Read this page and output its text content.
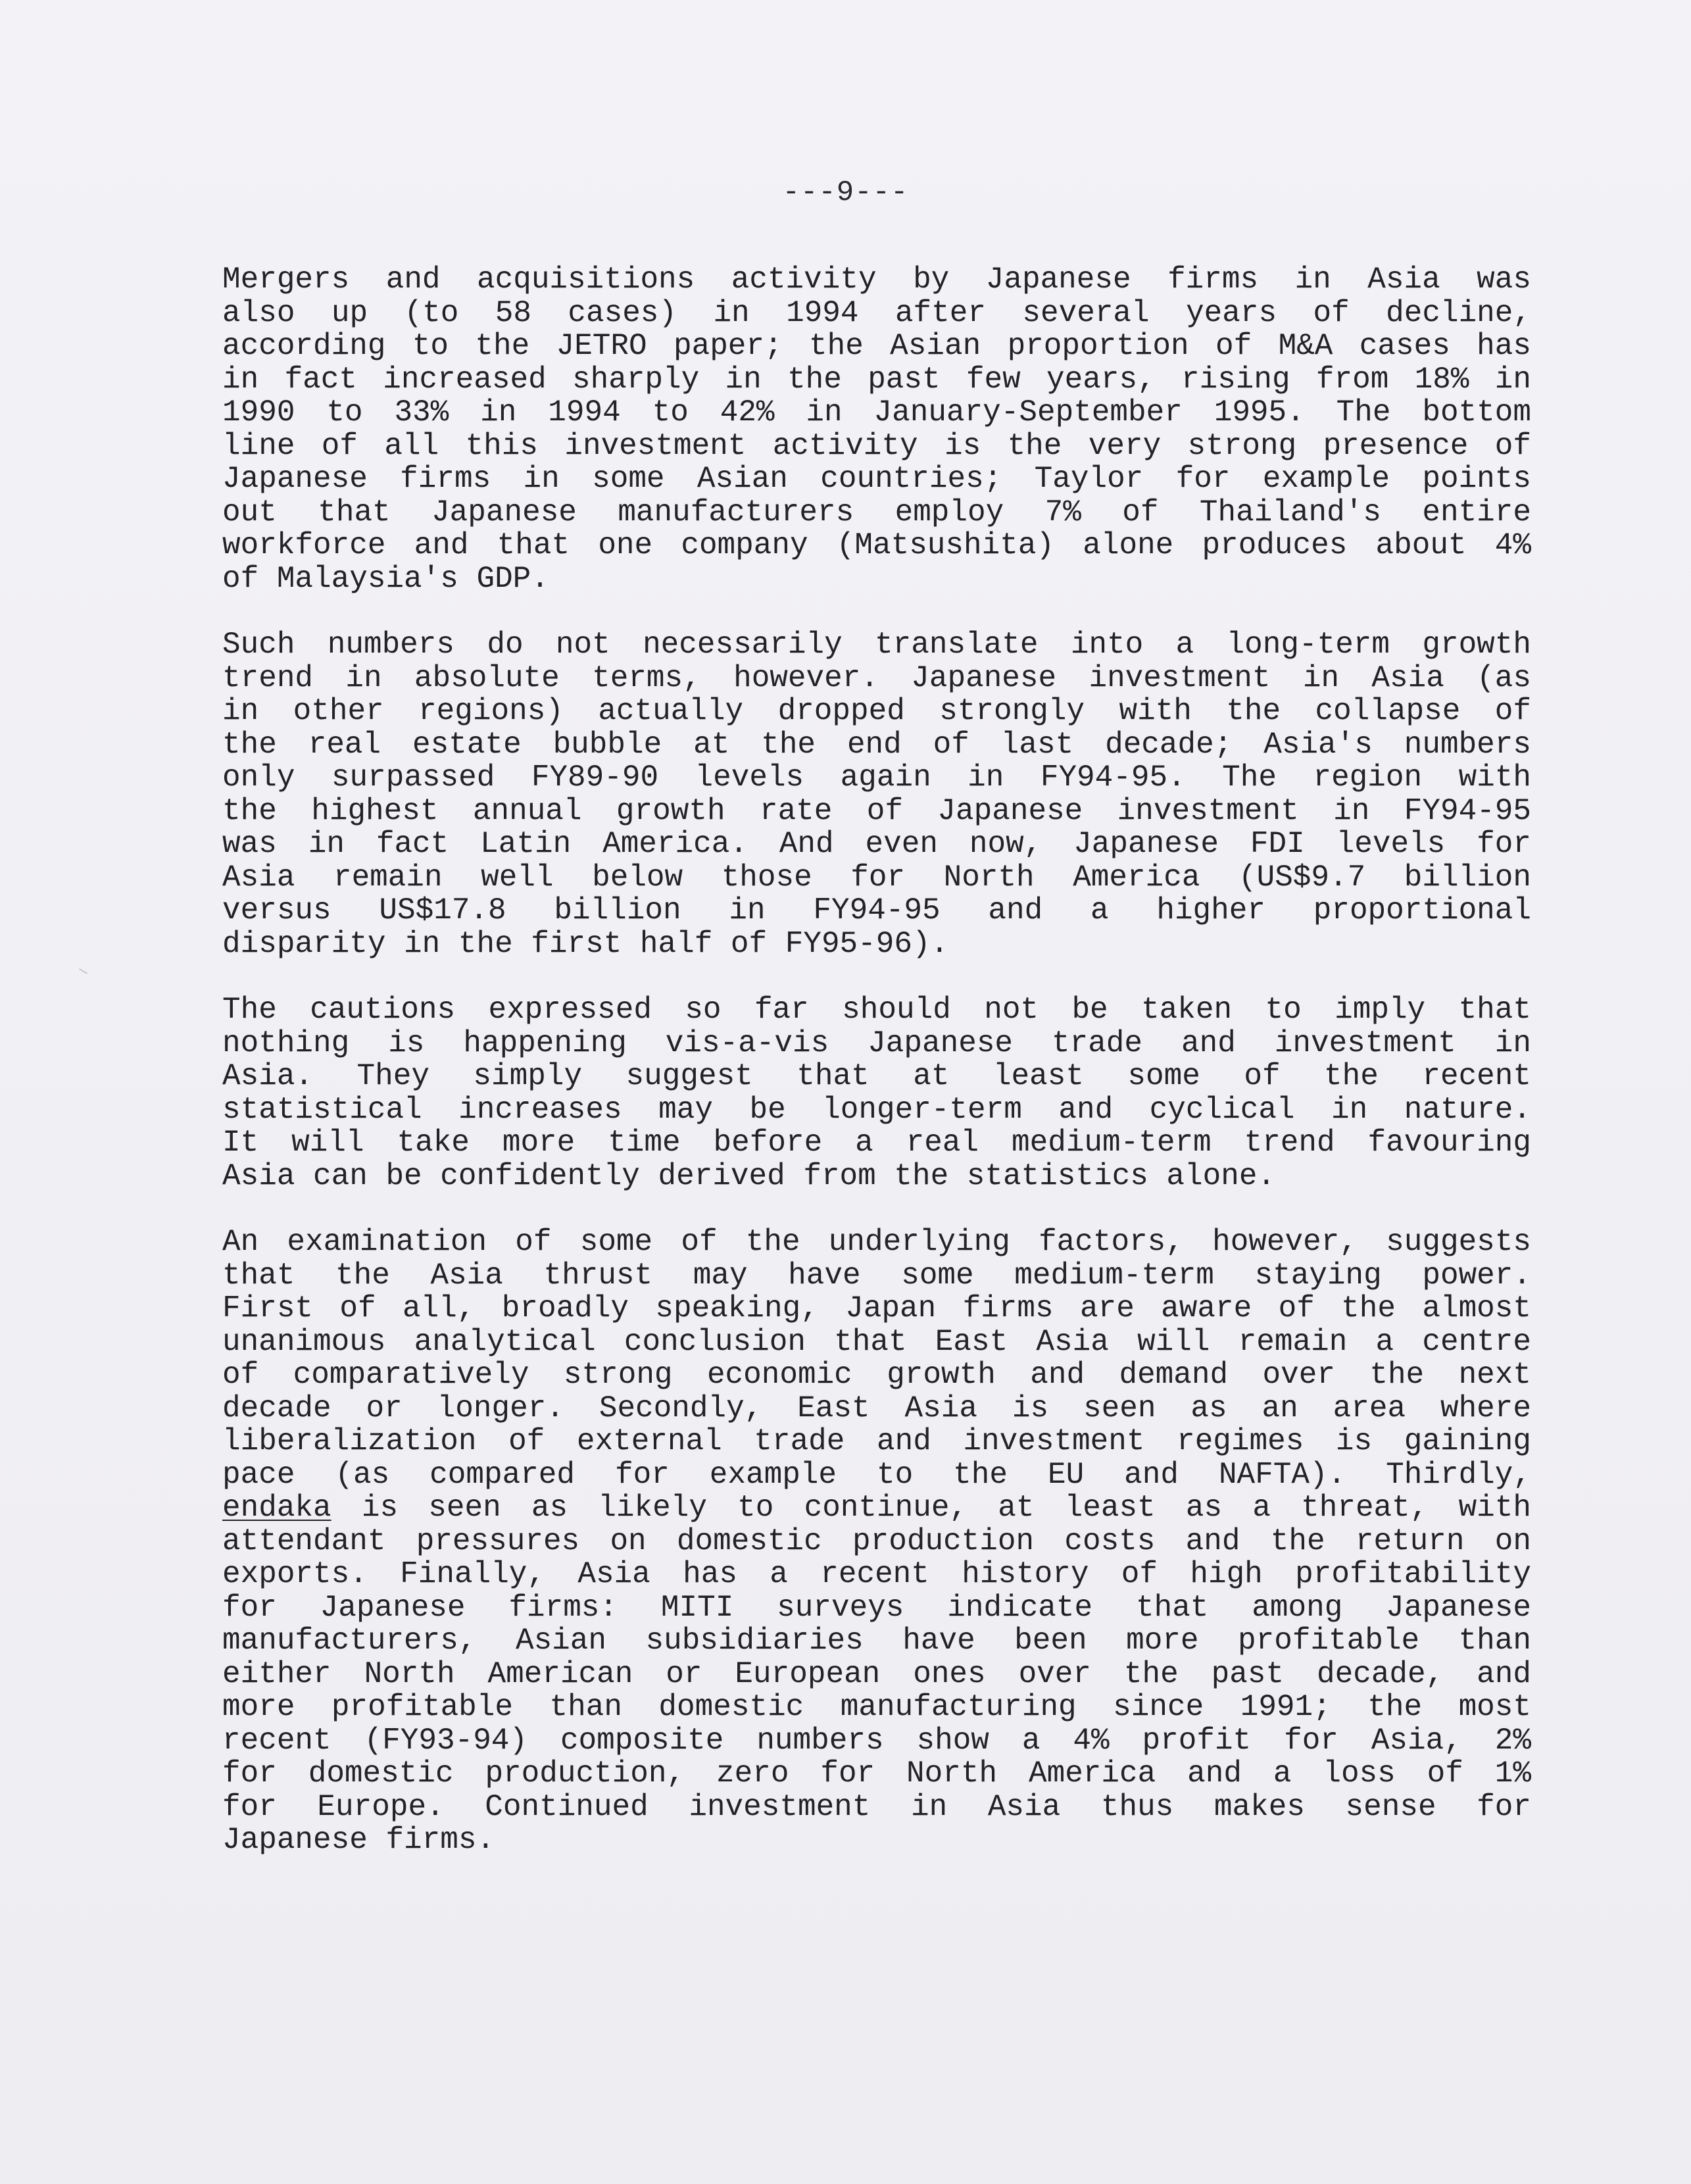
---9---
Mergers and acquisitions activity by Japanese firms in Asia was
also up (to 58 cases) in 1994 after several years of decline,
according to the JETRO paper; the Asian proportion of M&A cases has
in fact increased sharply in the past few years, rising from 18% in
1990 to 33% in 1994 to 42% in January-September 1995. The bottom
line of all this investment activity is the very strong presence of
Japanese firms in some Asian countries; Taylor for example points
out that Japanese manufacturers employ 7% of Thailand's entire
workforce and that one company (Matsushita) alone produces about 4%
of Malaysia's GDP.
Such numbers do not necessarily translate into a long-term growth
trend in absolute terms, however. Japanese investment in Asia (as
in other regions) actually dropped strongly with the collapse of
the real estate bubble at the end of last decade; Asia's numbers
only surpassed FY89-90 levels again in FY94-95. The region with
the highest annual growth rate of Japanese investment in FY94-95
was in fact Latin America. And even now, Japanese FDI levels for
Asia remain well below those for North America (US$9.7 billion
versus US$17.8 billion in FY94-95 and a higher proportional
disparity in the first half of FY95-96).
The cautions expressed so far should not be taken to imply that
nothing is happening vis-a-vis Japanese trade and investment in
Asia. They simply suggest that at least some of the recent
statistical increases may be longer-term and cyclical in nature.
It will take more time before a real medium-term trend favouring
Asia can be confidently derived from the statistics alone.
An examination of some of the underlying factors, however, suggests
that the Asia thrust may have some medium-term staying power.
First of all, broadly speaking, Japan firms are aware of the almost
unanimous analytical conclusion that East Asia will remain a centre
of comparatively strong economic growth and demand over the next
decade or longer. Secondly, East Asia is seen as an area where
liberalization of external trade and investment regimes is gaining
pace (as compared for example to the EU and NAFTA). Thirdly,
endaka is seen as likely to continue, at least as a threat, with
attendant pressures on domestic production costs and the return on
exports. Finally, Asia has a recent history of high profitability
for Japanese firms: MITI surveys indicate that among Japanese
manufacturers, Asian subsidiaries have been more profitable than
either North American or European ones over the past decade, and
more profitable than domestic manufacturing since 1991; the most
recent (FY93-94) composite numbers show a 4% profit for Asia, 2%
for domestic production, zero for North America and a loss of 1%
for Europe. Continued investment in Asia thus makes sense for
Japanese firms.
